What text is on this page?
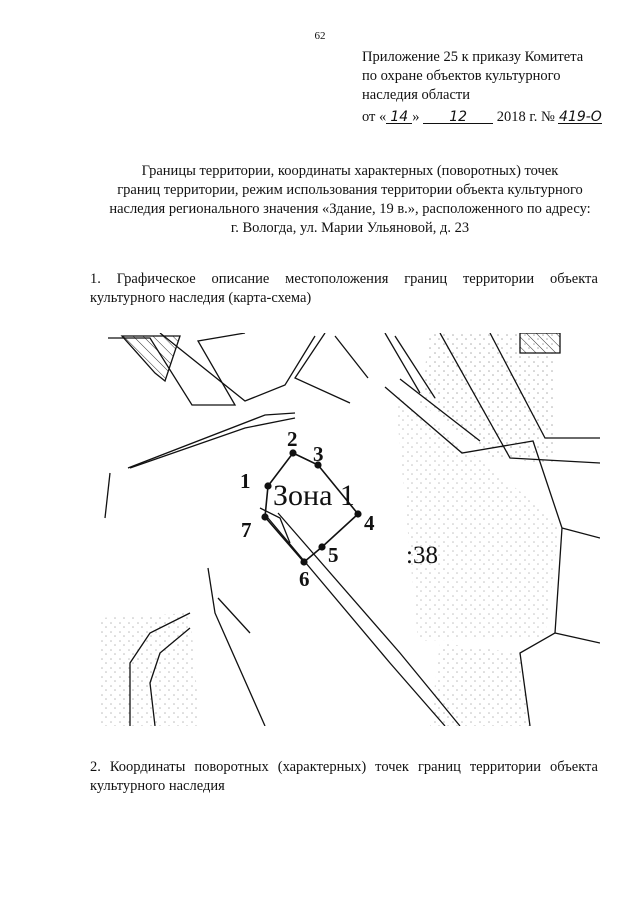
62
Приложение 25 к приказу Комитета
по охране объектов культурного
наследия области
от « 14 » 12 2018 г. № 419-О
Границы территории, координаты характерных (поворотных) точек
границ территории, режим использования территории объекта культурного
наследия регионального значения «Здание, 19 в.», расположенного по адресу:
г. Вологда, ул. Марии Ульяновой, д. 23
1. Графическое описание местоположения границ территории объекта культурного наследия (карта-схема)
1
2
3
4
5
6
7
Зона 1
:38
2. Координаты поворотных (характерных) точек границ территории объекта культурного наследия
